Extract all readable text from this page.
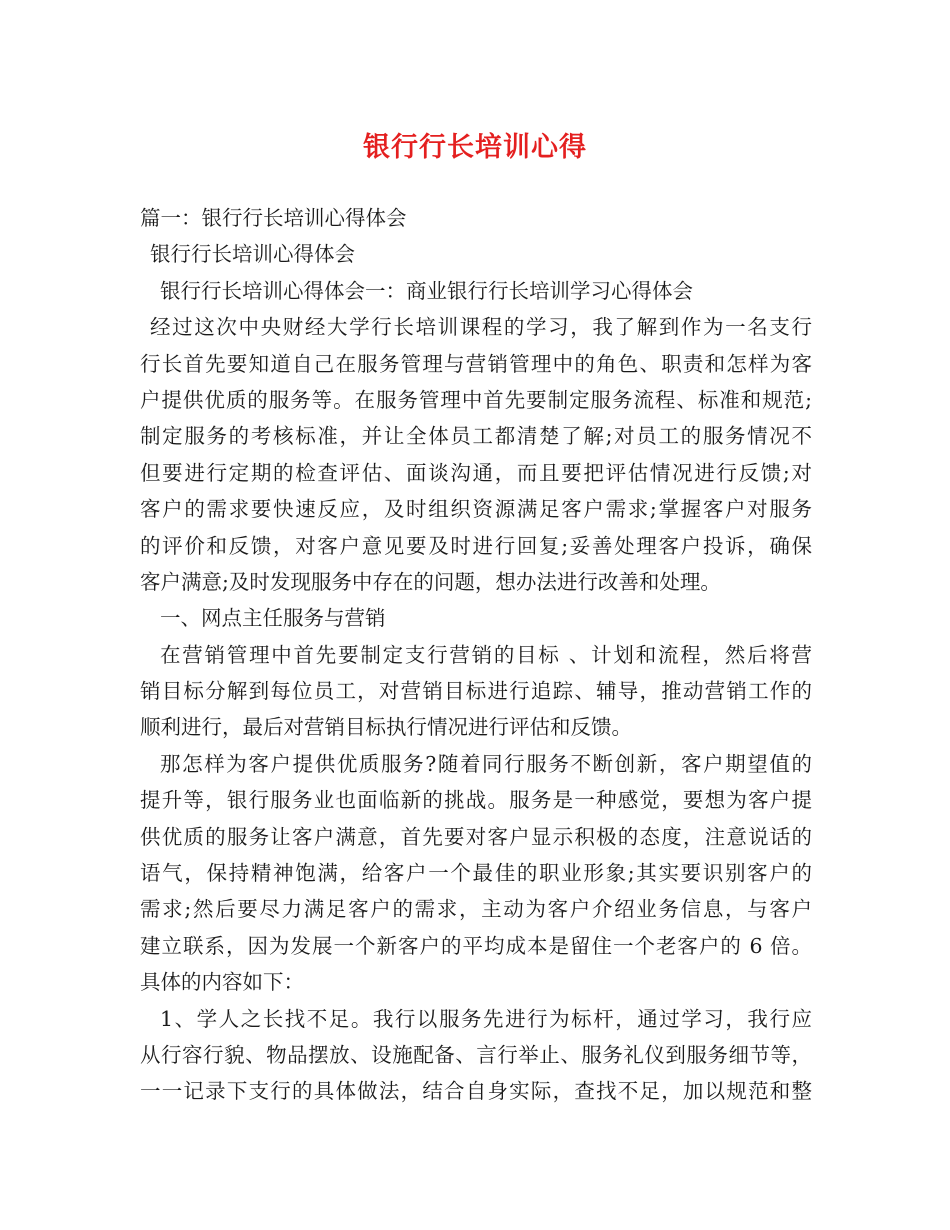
银行行长培训心得
篇一：银行行长培训心得体会
银行行长培训心得体会
银行行长培训心得体会一：商业银行行长培训学习心得体会
经过这次中央财经大学行长培训课程的学习，我了解到作为一名支行
行长首先要知道自己在服务管理与营销管理中的角色、职责和怎样为客
户提供优质的服务等。在服务管理中首先要制定服务流程、标准和规范;
制定服务的考核标准，并让全体员工都清楚了解;对员工的服务情况不
但要进行定期的检查评估、面谈沟通，而且要把评估情况进行反馈;对
客户的需求要快速反应，及时组织资源满足客户需求;掌握客户对服务
的评价和反馈，对客户意见要及时进行回复;妥善处理客户投诉，确保
客户满意;及时发现服务中存在的问题，想办法进行改善和处理。
一、网点主任服务与营销
在营销管理中首先要制定支行营销的目标 、计划和流程，然后将营
销目标分解到每位员工，对营销目标进行追踪、辅导，推动营销工作的
顺利进行，最后对营销目标执行情况进行评估和反馈。
那怎样为客户提供优质服务?随着同行服务不断创新，客户期望值的
提升等，银行服务业也面临新的挑战。服务是一种感觉，要想为客户提
供优质的服务让客户满意，首先要对客户显示积极的态度，注意说话的
语气，保持精神饱满，给客户一个最佳的职业形象;其实要识别客户的
需求;然后要尽力满足客户的需求，主动为客户介绍业务信息，与客户
建立联系，因为发展一个新客户的平均成本是留住一个老客户的 6 倍。
具体的内容如下：
1、学人之长找不足。我行以服务先进行为标杆，通过学习，我行应
从行容行貌、物品摆放、设施配备、言行举止、服务礼仪到服务细节等，
一一记录下支行的具体做法，结合自身实际，查找不足，加以规范和整
